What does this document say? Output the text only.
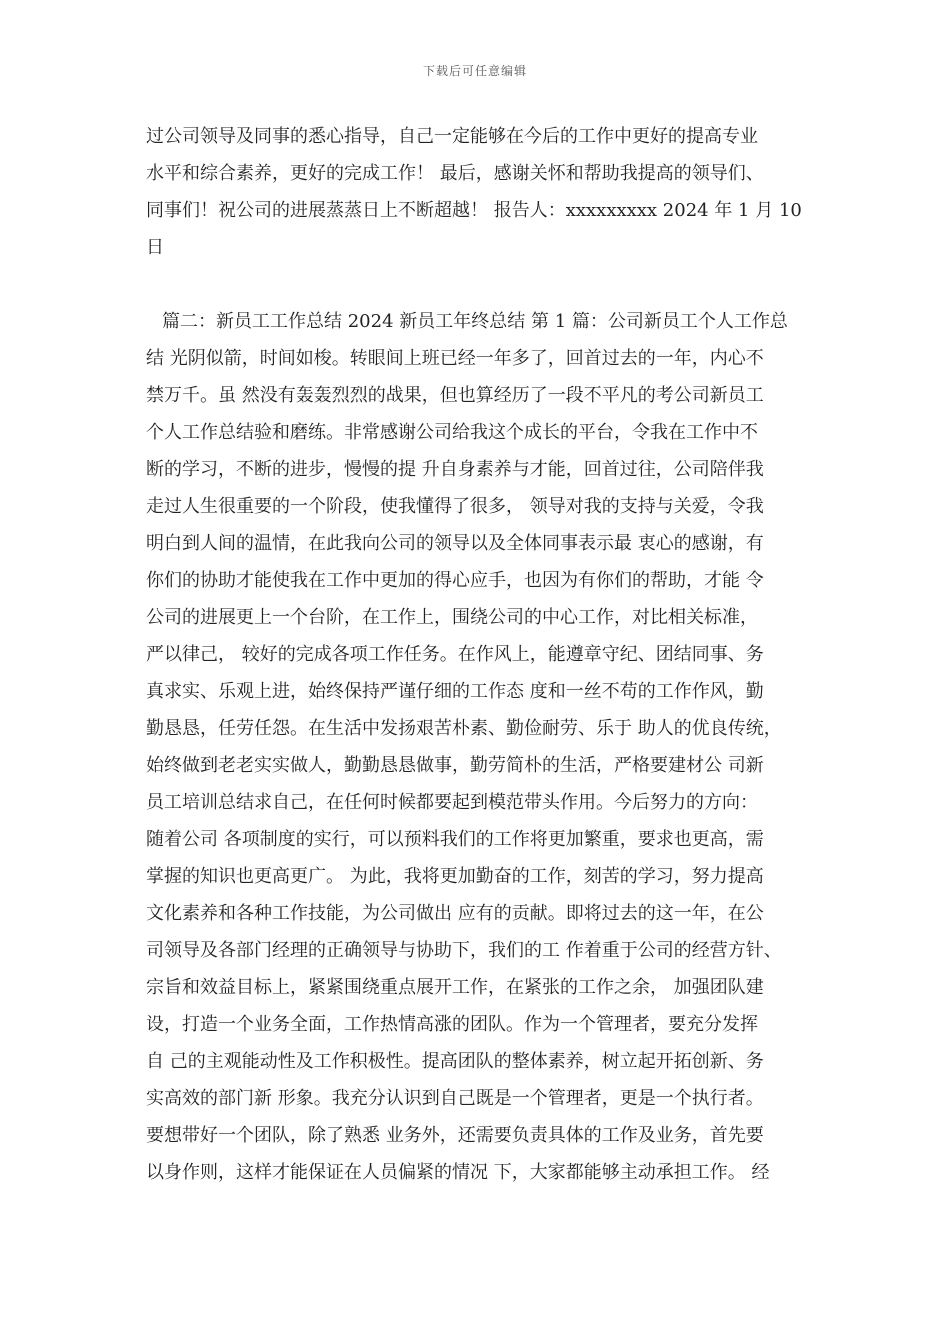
下载后可任意编辑
过公司领导及同事的悉心指导，自己一定能够在今后的工作中更好的提高专业
水平和综合素养，更好的完成工作！ 最后，感谢关怀和帮助我提高的领导们、
同事们！祝公司的进展蒸蒸日上不断超越！ 报告人：xxxxxxxxx 2024 年 1 月 10
日
篇二：新员工工作总结 2024 新员工年终总结 第 1 篇：公司新员工个人工作总
结 光阴似箭，时间如梭。转眼间上班已经一年多了，回首过去的一年，内心不
禁万千。虽 然没有轰轰烈烈的战果，但也算经历了一段不平凡的考公司新员工
个人工作总结验和磨练。非常感谢公司给我这个成长的平台，令我在工作中不
断的学习，不断的进步，慢慢的提 升自身素养与才能，回首过往，公司陪伴我
走过人生很重要的一个阶段，使我懂得了很多， 领导对我的支持与关爱，令我
明白到人间的温情，在此我向公司的领导以及全体同事表示最 衷心的感谢，有
你们的协助才能使我在工作中更加的得心应手，也因为有你们的帮助，才能 令
公司的进展更上一个台阶，在工作上，围绕公司的中心工作，对比相关标准，
严以律己， 较好的完成各项工作任务。在作风上，能遵章守纪、团结同事、务
真求实、乐观上进，始终保持严谨仔细的工作态 度和一丝不苟的工作作风，勤
勤恳恳，任劳任怨。在生活中发扬艰苦朴素、勤俭耐劳、乐于 助人的优良传统，
始终做到老老实实做人，勤勤恳恳做事，勤劳简朴的生活，严格要建材公 司新
员工培训总结求自己，在任何时候都要起到模范带头作用。今后努力的方向：
随着公司 各项制度的实行，可以预料我们的工作将更加繁重，要求也更高，需
掌握的知识也更高更广。 为此，我将更加勤奋的工作，刻苦的学习，努力提高
文化素养和各种工作技能，为公司做出 应有的贡献。即将过去的这一年，在公
司领导及各部门经理的正确领导与协助下，我们的工 作着重于公司的经营方针、
宗旨和效益目标上，紧紧围绕重点展开工作，在紧张的工作之余， 加强团队建
设，打造一个业务全面，工作热情高涨的团队。作为一个管理者，要充分发挥
自 己的主观能动性及工作积极性。提高团队的整体素养，树立起开拓创新、务
实高效的部门新 形象。我充分认识到自己既是一个管理者，更是一个执行者。
要想带好一个团队，除了熟悉 业务外，还需要负责具体的工作及业务，首先要
以身作则，这样才能保证在人员偏紧的情况 下，大家都能够主动承担工作。 经
